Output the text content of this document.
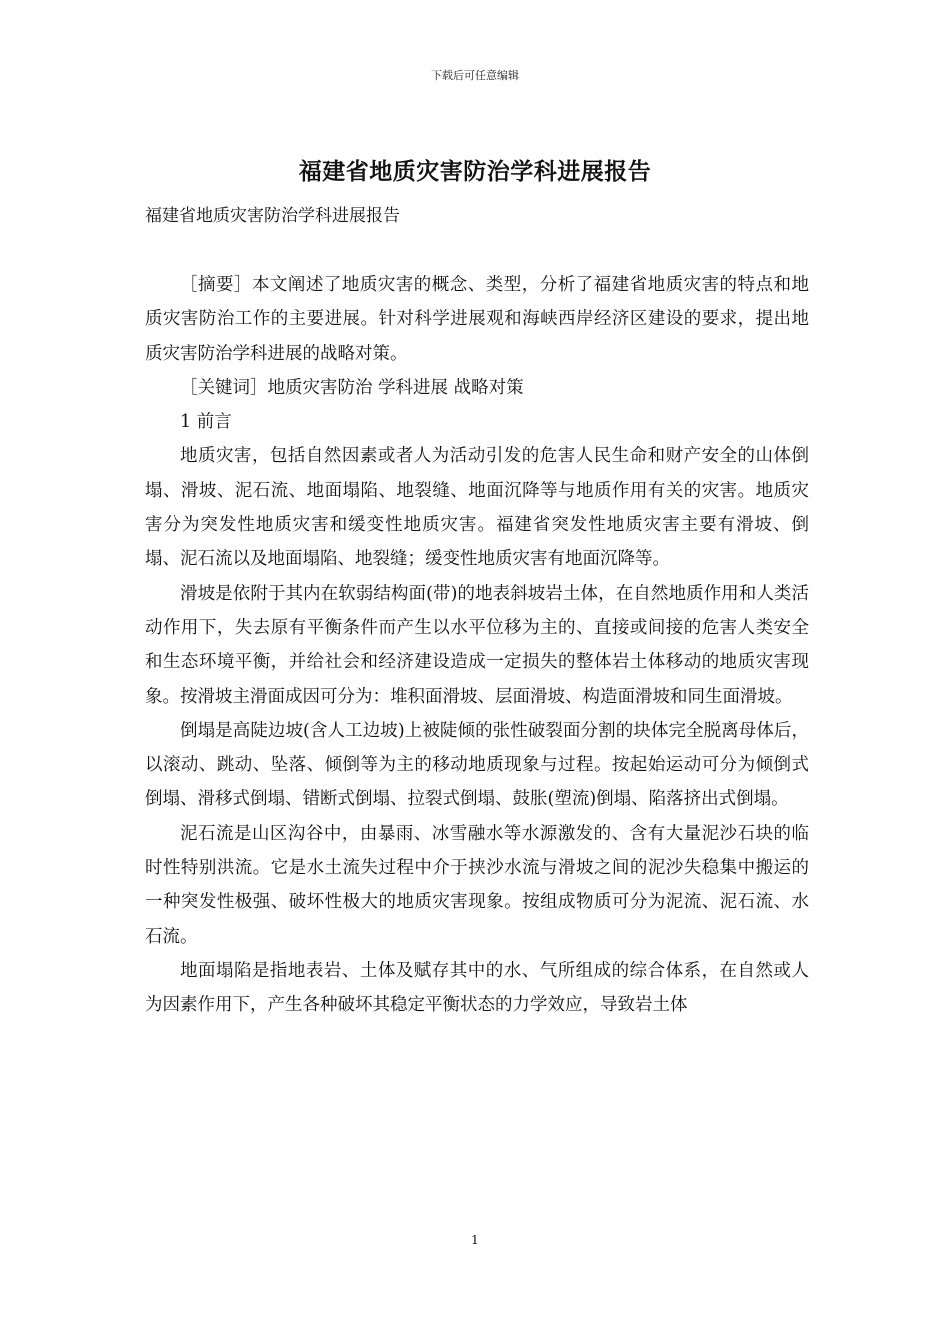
下载后可任意编辑
福建省地质灾害防治学科进展报告
福建省地质灾害防治学科进展报告

［摘要］本文阐述了地质灾害的概念、类型，分析了福建省地质灾害的特点和地质灾害防治工作的主要进展。针对科学进展观和海峡西岸经济区建设的要求，提出地质灾害防治学科进展的战略对策。

［关键词］地质灾害防治 学科进展 战略对策

1 前言

地质灾害，包括自然因素或者人为活动引发的危害人民生命和财产安全的山体倒塌、滑坡、泥石流、地面塌陷、地裂缝、地面沉降等与地质作用有关的灾害。地质灾害分为突发性地质灾害和缓变性地质灾害。福建省突发性地质灾害主要有滑坡、倒塌、泥石流以及地面塌陷、地裂缝；缓变性地质灾害有地面沉降等。

滑坡是依附于其内在软弱结构面(带)的地表斜坡岩土体，在自然地质作用和人类活动作用下，失去原有平衡条件而产生以水平位移为主的、直接或间接的危害人类安全和生态环境平衡，并给社会和经济建设造成一定损失的整体岩土体移动的地质灾害现象。按滑坡主滑面成因可分为：堆积面滑坡、层面滑坡、构造面滑坡和同生面滑坡。

倒塌是高陡边坡(含人工边坡)上被陡倾的张性破裂面分割的块体完全脱离母体后，以滚动、跳动、坠落、倾倒等为主的移动地质现象与过程。按起始运动可分为倾倒式倒塌、滑移式倒塌、错断式倒塌、拉裂式倒塌、鼓胀(塑流)倒塌、陷落挤出式倒塌。

泥石流是山区沟谷中，由暴雨、冰雪融水等水源激发的、含有大量泥沙石块的临时性特别洪流。它是水土流失过程中介于挟沙水流与滑坡之间的泥沙失稳集中搬运的一种突发性极强、破坏性极大的地质灾害现象。按组成物质可分为泥流、泥石流、水石流。

地面塌陷是指地表岩、土体及赋存其中的水、气所组成的综合体系，在自然或人为因素作用下，产生各种破坏其稳定平衡状态的力学效应，导致岩土体

1
